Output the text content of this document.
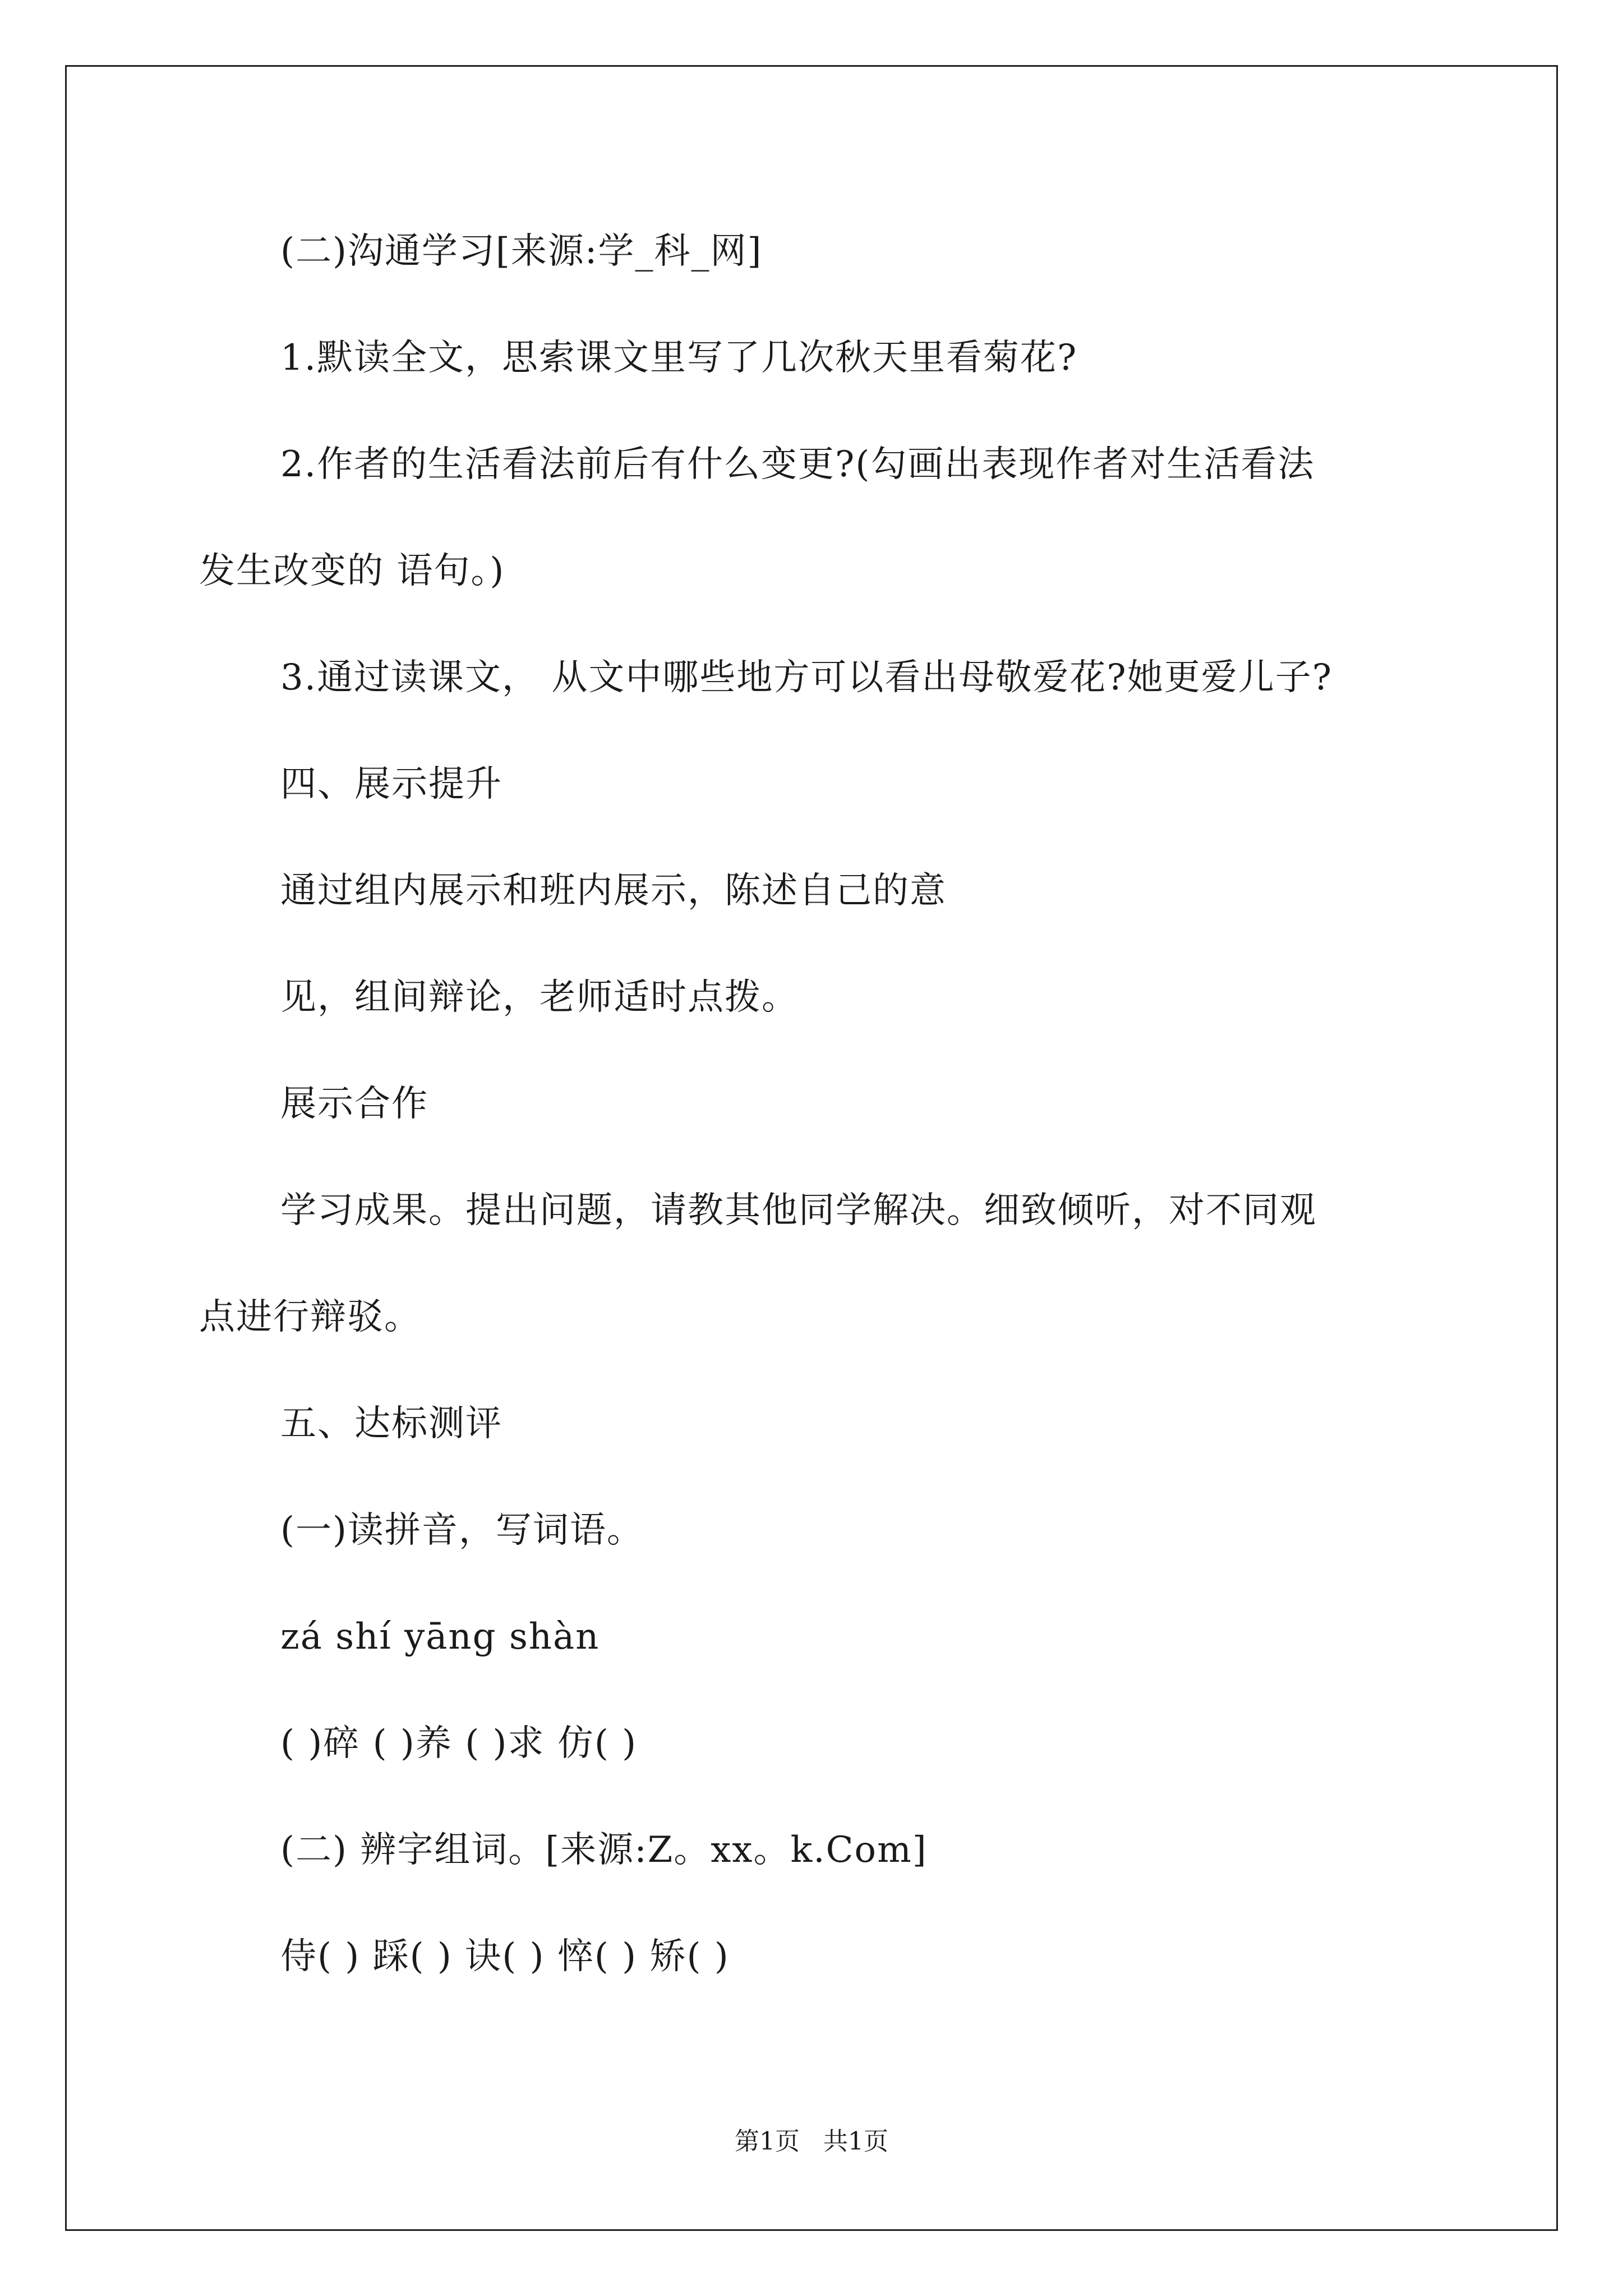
(二)沟通学习[来源:学_科_网]
1.默读全文，思索课文里写了几次秋天里看菊花?
2.作者的生活看法前后有什么变更?(勾画出表现作者对生活看法
发生改变的 语句。)
3.通过读课文， 从文中哪些地方可以看出母敬爱花?她更爱儿子?
四、展示提升
通过组内展示和班内展示，陈述自己的意
见，组间辩论，老师适时点拨。
展示合作
学习成果。提出问题，请教其他同学解决。细致倾听，对不同观
点进行辩驳。
五、达标测评
(一)读拼音，写词语。
zá shí yāng shàn
( )碎 ( )养 ( )求 仿( )
(二) 辨字组词。[来源:Z。xx。k.Com]
侍( ) 踩( ) 诀( ) 悴( ) 矫( )
第1页   共1页
